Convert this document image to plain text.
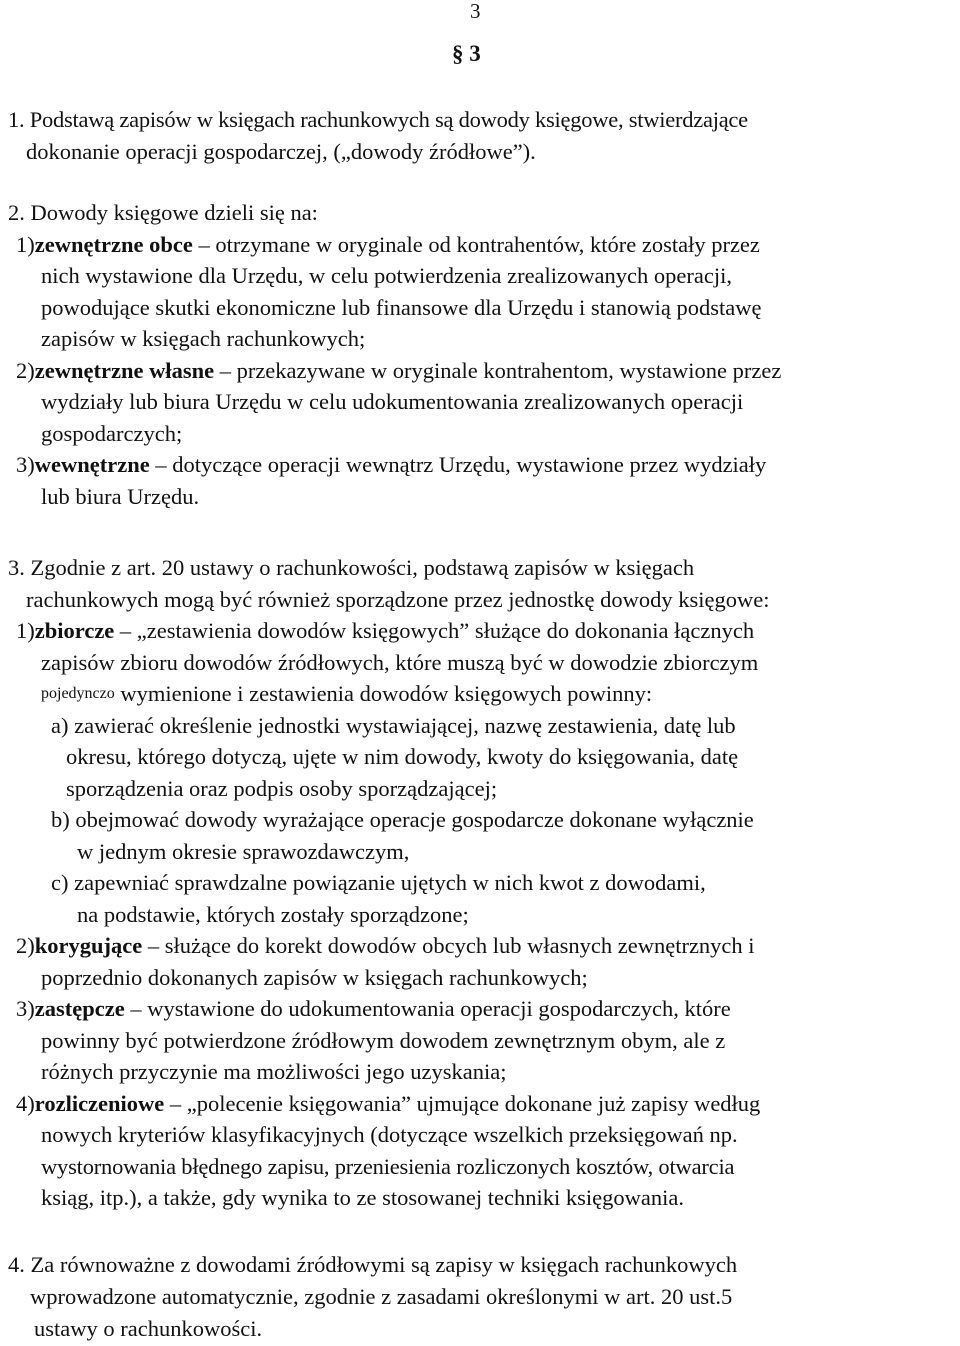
3
§ 3
1. Podstawą zapisów w księgach rachunkowych są dowody księgowe, stwierdzające
dokonanie operacji gospodarczej, („dowody źródłowe”).
2. Dowody księgowe dzieli się na:
1) zewnętrzne obce – otrzymane w oryginale od kontrahentów, które zostały przez
nich wystawione dla Urzędu, w celu potwierdzenia zrealizowanych operacji,
powodujące skutki ekonomiczne lub finansowe dla Urzędu i stanowią podstawę
zapisów w księgach rachunkowych;
2) zewnętrzne własne – przekazywane w oryginale kontrahentom, wystawione przez
wydziały lub biura Urzędu w celu udokumentowania zrealizowanych operacji
gospodarczych;
3) wewnętrzne – dotyczące operacji wewnątrz Urzędu, wystawione przez wydziały
lub biura Urzędu.
3. Zgodnie z art. 20 ustawy o rachunkowości, podstawą zapisów w księgach
rachunkowych mogą być również sporządzone przez jednostkę dowody księgowe:
1) zbiorcze – „zestawienia dowodów księgowych” służące do dokonania łącznych
zapisów zbioru dowodów źródłowych, które muszą być w dowodzie zbiorczym
pojedynczo wymienione i zestawienia dowodów księgowych powinny:
a) zawierać określenie jednostki wystawiającej, nazwę zestawienia, datę lub
okresu, którego dotyczą, ujęte w nim dowody, kwoty do księgowania, datę
sporządzenia oraz podpis osoby sporządzającej;
b) obejmować dowody wyrażające operacje gospodarcze dokonane wyłącznie
w jednym okresie sprawozdawczym,
c) zapewniać sprawdzalne powiązanie ujętych w nich kwot z dowodami,
na podstawie, których zostały sporządzone;
2) korygujące – służące do korekt dowodów obcych lub własnych zewnętrznych i
poprzednio dokonanych zapisów w księgach rachunkowych;
3) zastępcze – wystawione do udokumentowania operacji gospodarczych, które
powinny być potwierdzone źródłowym dowodem zewnętrznym obym, ale z
różnych przyczynie ma możliwości jego uzyskania;
4) rozliczeniowe – „polecenie księgowania” ujmujące dokonane już zapisy według
nowych kryteriów klasyfikacyjnych (dotyczące wszelkich przeksięgowań np.
wystornowania błędnego zapisu, przeniesienia rozliczonych kosztów, otwarcia
ksiąg, itp.), a także, gdy wynika to ze stosowanej techniki księgowania.
4. Za równoważne z dowodami źródłowymi są zapisy w księgach rachunkowych
wprowadzone automatycznie, zgodnie z zasadami określonymi w art. 20 ust.5
ustawy o rachunkowości.
